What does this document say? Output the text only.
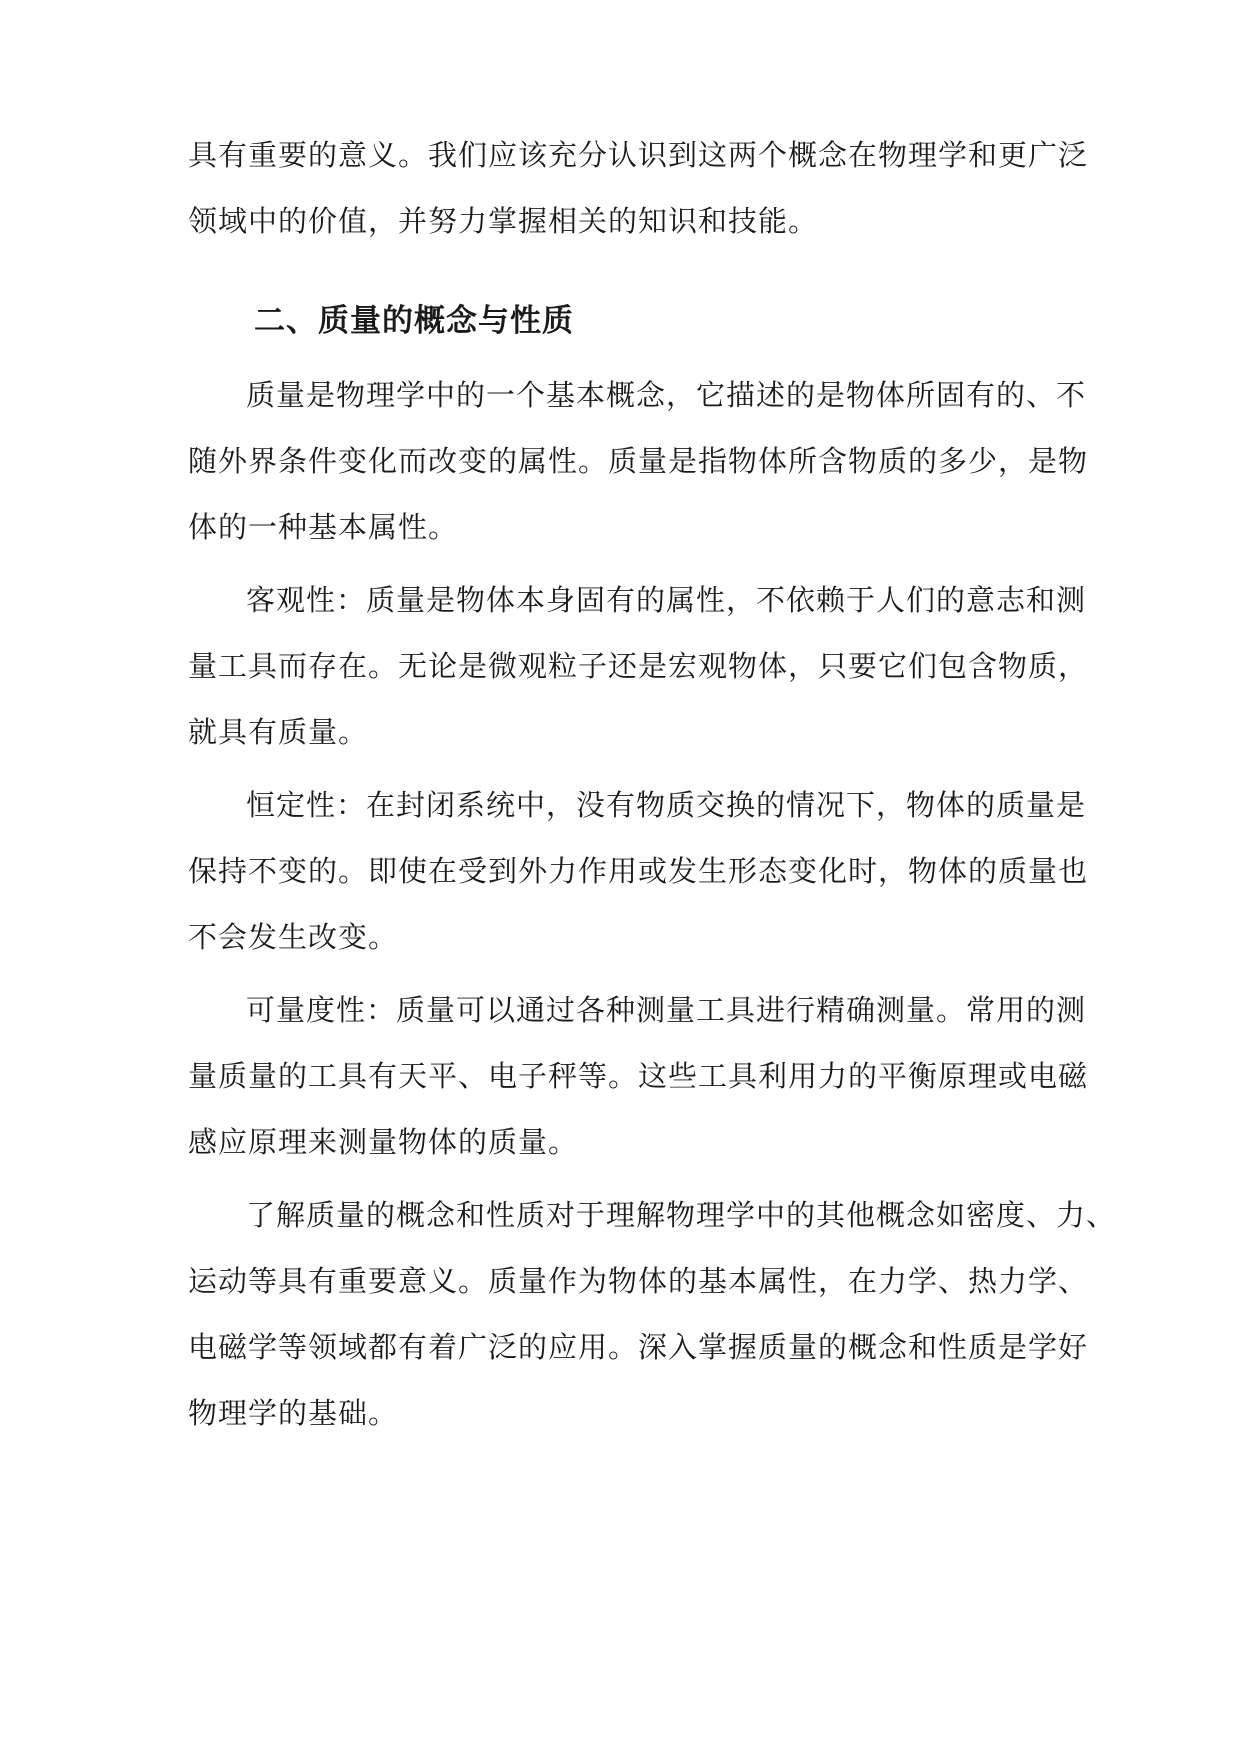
具有重要的意义。我们应该充分认识到这两个概念在物理学和更广泛
领域中的价值，并努力掌握相关的知识和技能。
二、质量的概念与性质
质量是物理学中的一个基本概念，它描述的是物体所固有的、不
随外界条件变化而改变的属性。质量是指物体所含物质的多少，是物
体的一种基本属性。
客观性：质量是物体本身固有的属性，不依赖于人们的意志和测
量工具而存在。无论是微观粒子还是宏观物体，只要它们包含物质，
就具有质量。
恒定性：在封闭系统中，没有物质交换的情况下，物体的质量是
保持不变的。即使在受到外力作用或发生形态变化时，物体的质量也
不会发生改变。
可量度性：质量可以通过各种测量工具进行精确测量。常用的测
量质量的工具有天平、电子秤等。这些工具利用力的平衡原理或电磁
感应原理来测量物体的质量。
了解质量的概念和性质对于理解物理学中的其他概念如密度、力、
运动等具有重要意义。质量作为物体的基本属性，在力学、热力学、
电磁学等领域都有着广泛的应用。深入掌握质量的概念和性质是学好
物理学的基础。
